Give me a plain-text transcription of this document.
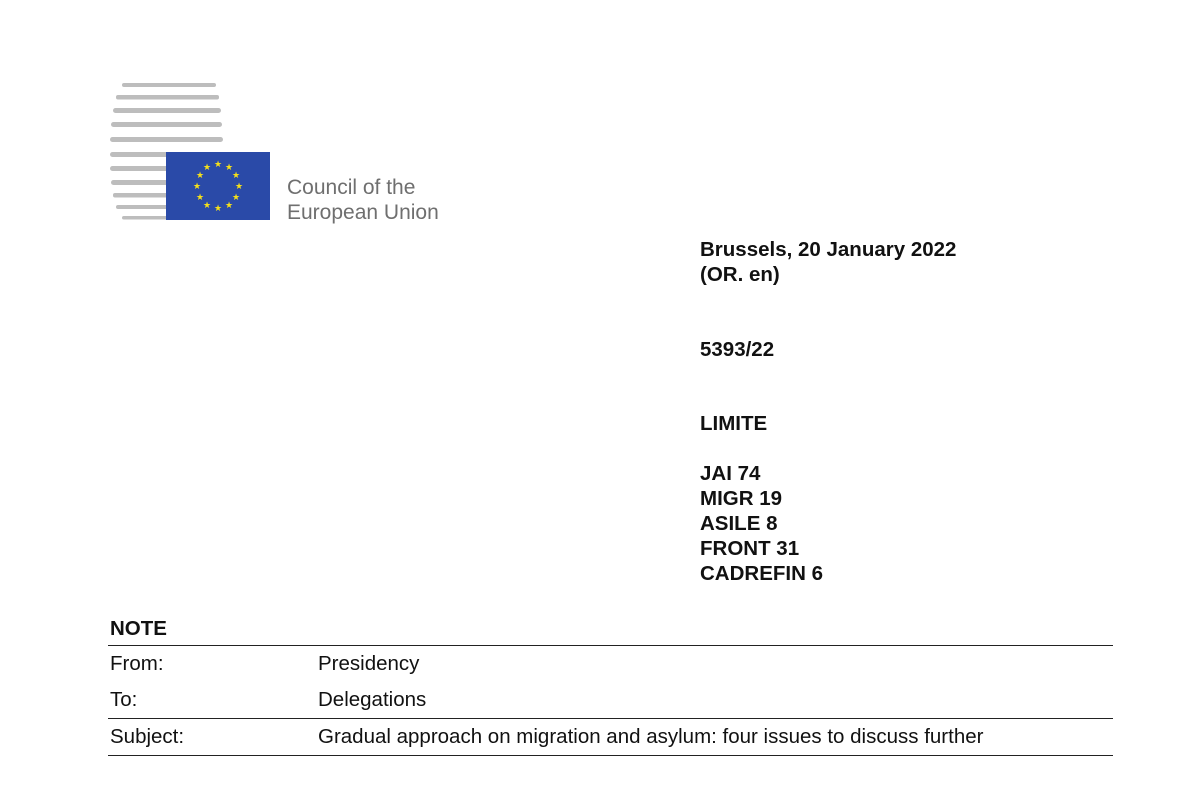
★ ★
★
★
★
★
★
★
★
★
★
★
Council of the
European Union
Brussels, 20 January 2022
(OR. en)
5393/22
LIMITE
JAI 74
MIGR 19
ASILE 8
FRONT 31
CADREFIN 6
NOTE
From:	Presidency
To:	Delegations
Subject:	Gradual approach on migration and asylum: four issues to discuss further
